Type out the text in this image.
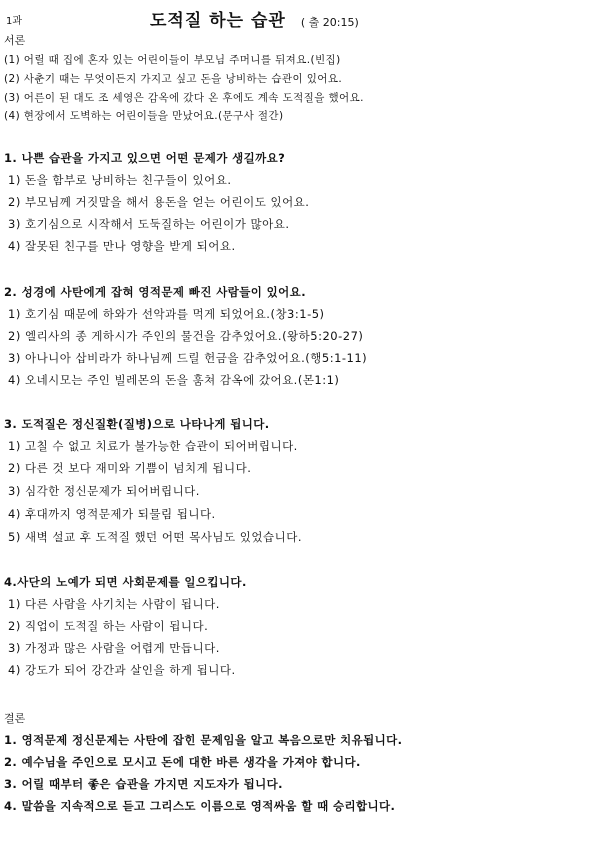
1과	도적질 하는 습관 ( 출 20:15)
서론
(1) 어릴 때 집에 혼자 있는 어린이들이 부모님 주머니를 뒤져요.(빈집)
(2) 사춘기 때는 무엇이든지 가지고 싶고 돈을 낭비하는 습관이 있어요.
(3) 어른이 된 대도 조 세영은 감옥에 갔다 온 후에도 계속 도적질을 했어요.
(4) 현장에서 도벽하는 어린이들을 만났어요.(문구사 절간)
1. 나쁜 습관을 가지고 있으면 어떤 문제가 생길까요?
1) 돈을 함부로 낭비하는 친구들이 있어요.
2) 부모님께 거짓말을 해서 용돈을 얻는 어린이도 있어요.
3) 호기심으로 시작해서 도둑질하는 어린이가 많아요.
4) 잘못된 친구를 만나 영향을 받게 되어요.
2. 성경에 사탄에게 잡혀 영적문제 빠진 사람들이 있어요.
1) 호기심 때문에 하와가 선악과를 먹게 되었어요.(창3:1-5)
2) 엘리사의 종 게하시가 주인의 물건을 감추었어요.(왕하5:20-27)
3) 아나니아 삽비라가 하나님께 드릴 헌금을 감추었어요.(행5:1-11)
4) 오네시모는 주인 빌레몬의 돈을 훔쳐 감옥에 갔어요.(몬1:1)
3. 도적질은 정신질환(질병)으로 나타나게 됩니다.
1) 고칠 수 없고 치료가 불가능한 습관이 되어버립니다.
2) 다른 것 보다 재미와 기쁨이 넘치게 됩니다.
3) 심각한 정신문제가 되어버립니다.
4) 후대까지 영적문제가 되물림 됩니다.
5) 새벽 설교 후 도적질 했던 어떤 목사님도 있었습니다.
4.사단의 노예가 되면 사회문제를 일으킵니다.
1) 다른 사람을 사기치는 사람이 됩니다.
2) 직업이 도적질 하는 사람이 됩니다.
3) 가정과 많은 사람을 어렵게 만듭니다.
4) 강도가 되어 강간과 살인을 하게 됩니다.
결론
1. 영적문제 정신문제는 사탄에 잡힌 문제임을 알고 복음으로만 치유됩니다.
2. 예수님을 주인으로 모시고 돈에 대한 바른 생각을 가져야 합니다.
3. 어릴 때부터 좋은 습관을 가지면 지도자가 됩니다.
4. 말씀을 지속적으로 듣고 그리스도 이름으로 영적싸움 할 때 승리합니다.
